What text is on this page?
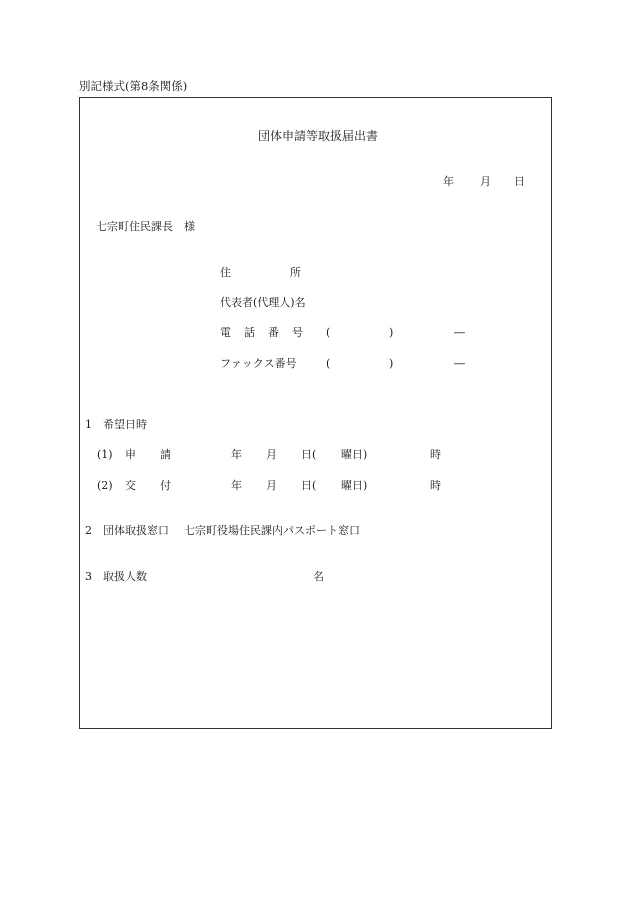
別記様式(第8条関係)
団体申請等取扱届出書
年 月 日
七宗町住民課長　様
住	所
代表者(代理人)名
電 話 番 号 (	)	―
ファックス番号	(	)	―
1　希望日時
(1) 申 請	年 月 日( 曜日)	時
(2) 交 付	年 月 日( 曜日)	時
2　団体取扱窓口 七宗町役場住民課内パスポート窓口
3　取扱人数	名
